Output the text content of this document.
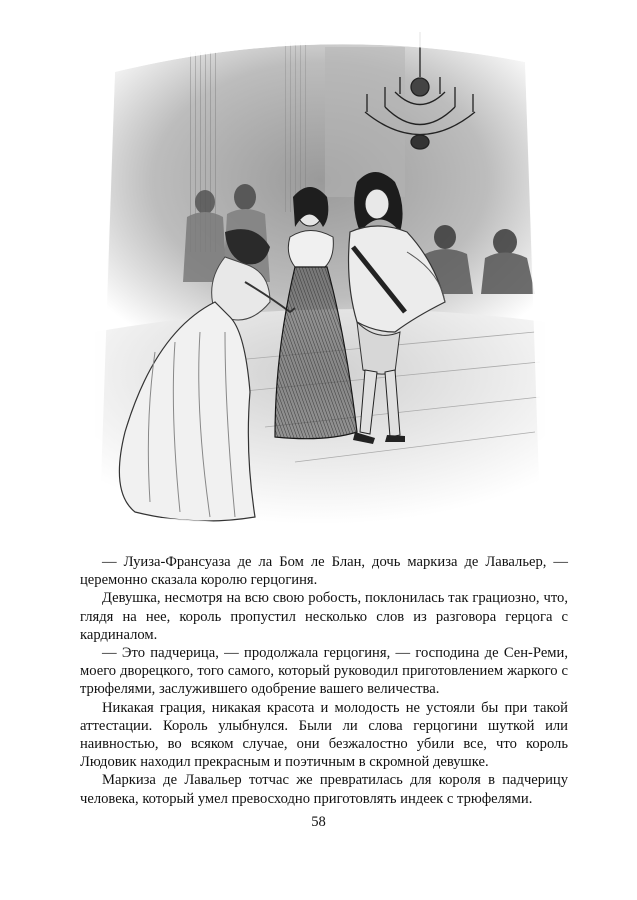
— Луиза-Франсуаза де ла Бом ле Блан, дочь маркиза де Лавальер, — церемонно сказала королю герцогиня.

Девушка, несмотря на всю свою робость, поклонилась так грациозно, что, глядя на нее, король пропустил несколько слов из разговора герцога с кардиналом.

— Это падчерица, — продолжала герцогиня, — господина де Сен-Реми, моего дворецкого, того самого, который руководил приготовлением жаркого с трюфелями, заслужившего одобрение вашего величества.

Никакая грация, никакая красота и молодость не устояли бы при такой аттестации. Король улыбнулся. Были ли слова герцогини шуткой или наивностью, во всяком случае, они безжалостно убили все, что король Людовик находил прекрасным и поэтичным в скромной девушке.

Маркиза де Лавальер тотчас же превратилась для короля в падчерицу человека, который умел превосходно приготовлять индеек с трюфелями.

58
